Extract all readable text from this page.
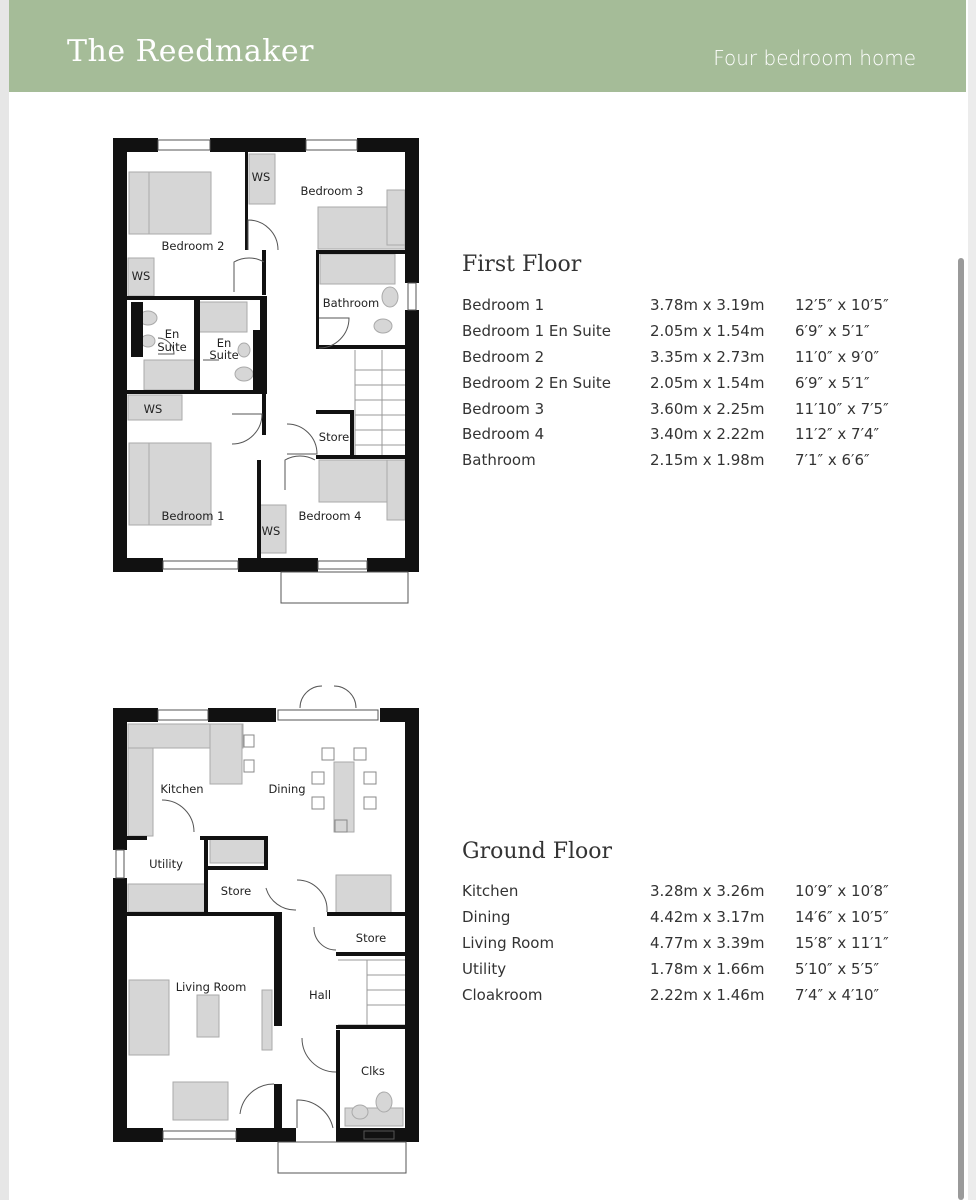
The Reedmaker	Four bedroom home
WS
Bedroom 3
Bedroom 2
WS
Bathroom
En
Suite	En
Suite
WS
Store
Bedroom 1	Bedroom 4
WS
First Floor
Bedroom 1	3.78m x 3.19m	12′5″ x 10′5″
Bedroom 1 En Suite	2.05m x 1.54m	6′9″ x 5′1″
Bedroom 2	3.35m x 2.73m	11′0″ x 9′0″
Bedroom 2 En Suite	2.05m x 1.54m	6′9″ x 5′1″
Bedroom 3	3.60m x 2.25m	11′10″ x 7′5″
Bedroom 4	3.40m x 2.22m	11′2″ x 7′4″
Bathroom	2.15m x 1.98m	7′1″ x 6′6″
Kitchen	Dining
Utility
Store
Store
Living Room
Hall
Clks
Ground Floor
Kitchen	3.28m x 3.26m	10′9″ x 10′8″
Dining	4.42m x 3.17m	14′6″ x 10′5″
Living Room	4.77m x 3.39m	15′8″ x 11′1″
Utility	1.78m x 1.66m	5′10″ x 5′5″
Cloakroom	2.22m x 1.46m	7′4″ x 4′10″
